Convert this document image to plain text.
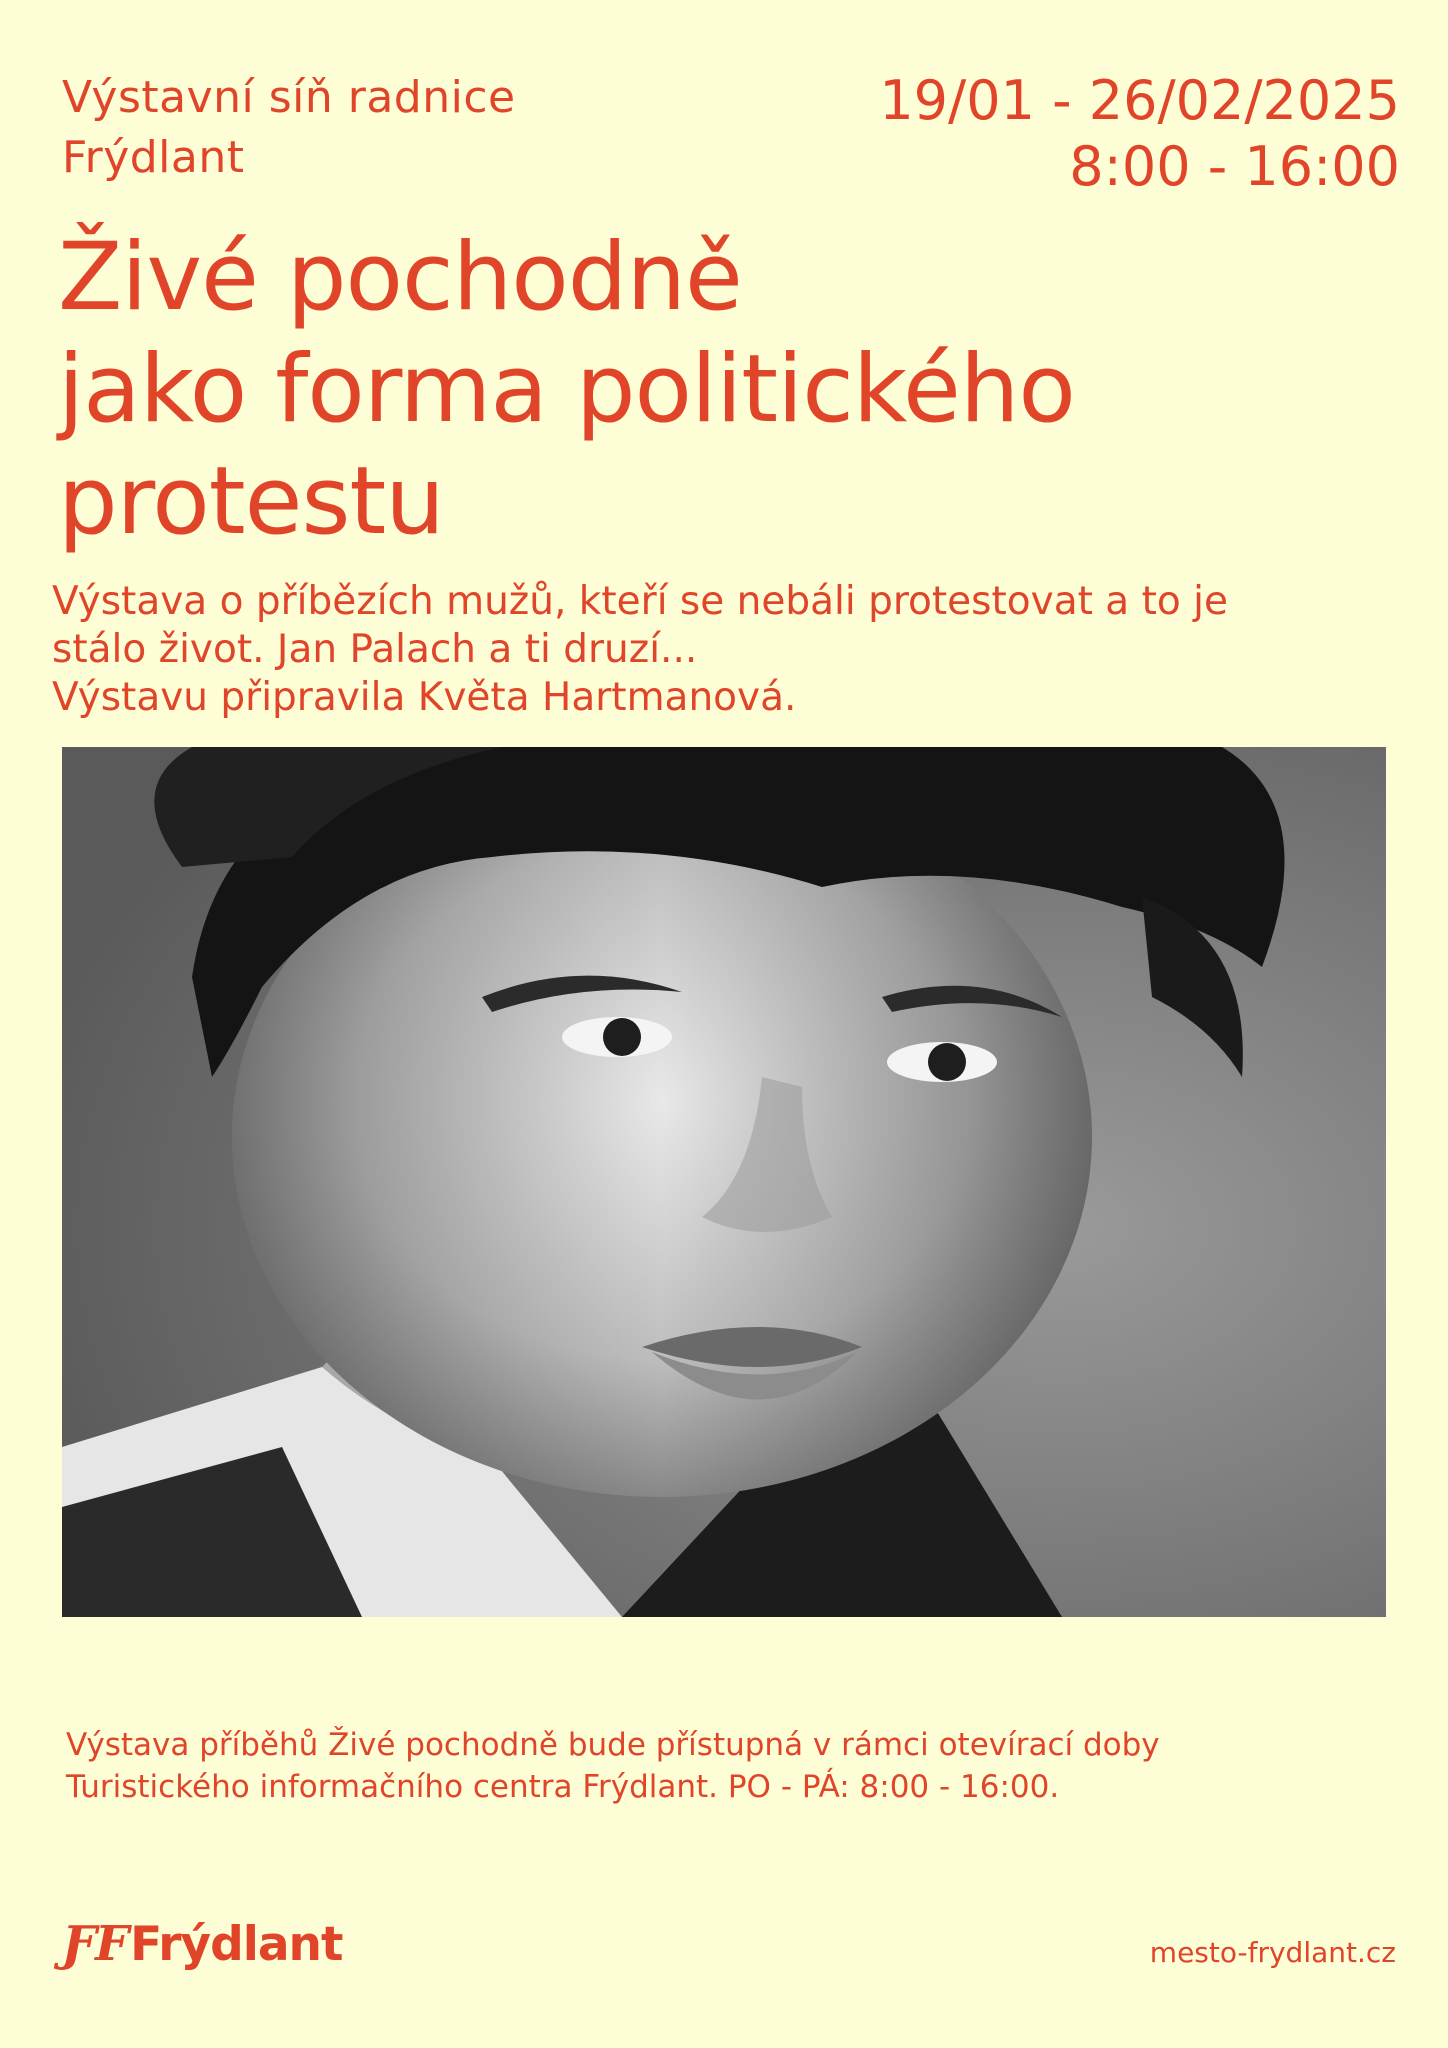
Výstavní síň radnice
Frýdlant
19/01 - 26/02/2025
8:00 - 16:00
Živé pochodně
jako forma politického
protestu
Výstava o příbězích mužů, kteří se nebáli protestovat a to je
stálo život. Jan Palach a ti druzí...
Výstavu připravila Květa Hartmanová.
Výstava příběhů Živé pochodně bude přístupná v rámci otevírací doby
Turistického informačního centra Frýdlant. PO - PÁ: 8:00 - 16:00.
ƑF Frýdlant	mesto-frydlant.cz
